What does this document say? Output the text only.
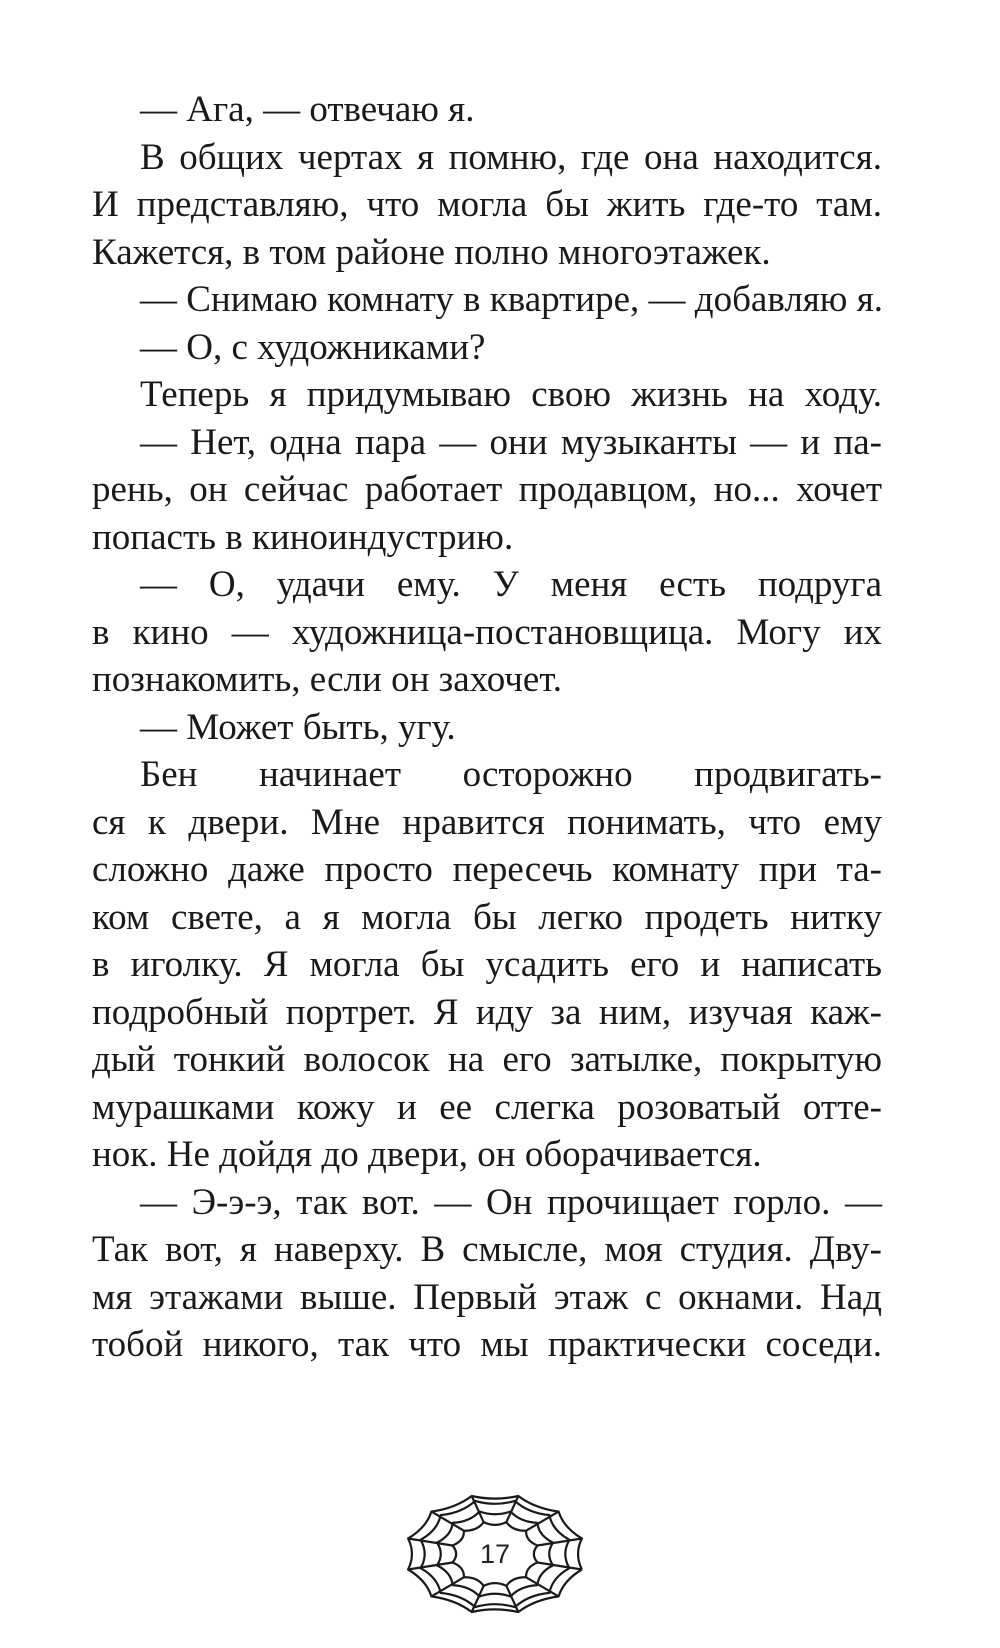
— Ага, — отвечаю я.

В общих чертах я помню, где она находится.

И представляю, что могла бы жить где-то там.

Кажется, в том районе полно многоэтажек.

— Снимаю комнату в квартире, — добавляю я.

— О, с художниками?

Теперь я придумываю свою жизнь на ходу.

— Нет, одна пара — они музыканты — и па-

рень, он сейчас работает продавцом, но... хочет

попасть в киноиндустрию.

— О, удачи ему. У меня есть подруга

в кино — художница-постановщица. Могу их

познакомить, если он захочет.

— Может быть, угу.

Бен начинает осторожно продвигать-

ся к двери. Мне нравится понимать, что ему

сложно даже просто пересечь комнату при та-

ком свете, а я могла бы легко продеть нитку

в иголку. Я могла бы усадить его и написать

подробный портрет. Я иду за ним, изучая каж-

дый тонкий волосок на его затылке, покрытую

мурашками кожу и ее слегка розоватый отте-

нок. Не дойдя до двери, он оборачивается.

— Э-э-э, так вот. — Он прочищает горло. —

Так вот, я наверху. В смысле, моя студия. Дву-

мя этажами выше. Первый этаж с окнами. Над

тобой никого, так что мы практически соседи.

17
